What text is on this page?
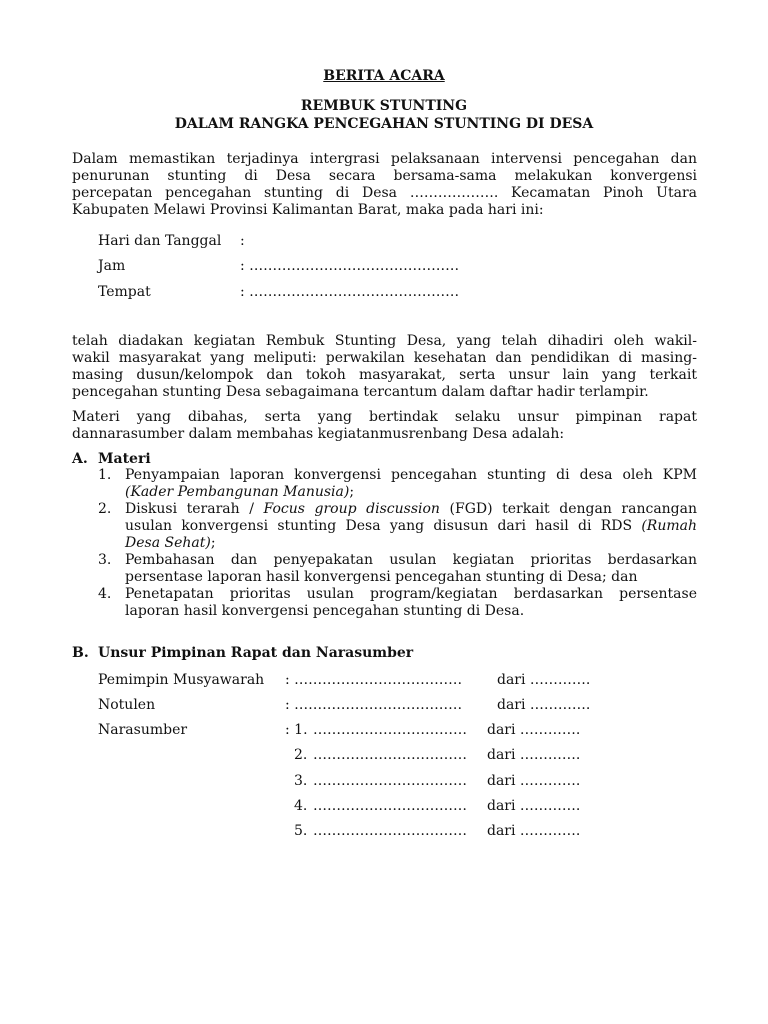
BERITA ACARA
REMBUK STUNTING
DALAM RANGKA PENCEGAHAN STUNTING DI DESA
Dalam memastikan terjadinya intergrasi pelaksanaan intervensi pencegahan dan
penurunan stunting di Desa secara bersama-sama melakukan konvergensi
percepatan pencegahan stunting di Desa ………………. Kecamatan Pinoh Utara
Kabupaten Melawi Provinsi Kalimantan Barat, maka pada hari ini:
Hari dan Tanggal :
Jam	: ………………………………………
Tempat	: ………………………………………
telah diadakan kegiatan Rembuk Stunting Desa, yang telah dihadiri oleh wakil-
wakil masyarakat yang meliputi: perwakilan kesehatan dan pendidikan di masing-
masing dusun/kelompok dan tokoh masyarakat, serta unsur lain yang terkait
pencegahan stunting Desa sebagaimana tercantum dalam daftar hadir terlampir.
Materi yang dibahas, serta yang bertindak selaku unsur pimpinan rapat
dannarasumber dalam membahas kegiatanmusrenbang Desa adalah:
A. Materi
1. Penyampaian laporan konvergensi pencegahan stunting di desa oleh KPM
(Kader Pembangunan Manusia);
2. Diskusi terarah / Focus group discussion (FGD) terkait dengan rancangan
usulan konvergensi stunting Desa yang disusun dari hasil di RDS (Rumah
Desa Sehat);
3. Pembahasan dan penyepakatan usulan kegiatan prioritas berdasarkan
persentase laporan hasil konvergensi pencegahan stunting di Desa; dan
4. Penetapatan prioritas usulan program/kegiatan berdasarkan persentase
laporan hasil konvergensi pencegahan stunting di Desa.
B. Unsur Pimpinan Rapat dan Narasumber
Pemimpin Musyawarah : ……………………………… dari ………….
Notulen	: ……………………………… dari ………….
Narasumber	: 1. …………………………… dari ………….
2. …………………………… dari ………….
3. …………………………… dari ………….
4. …………………………… dari ………….
5. …………………………… dari ………….
